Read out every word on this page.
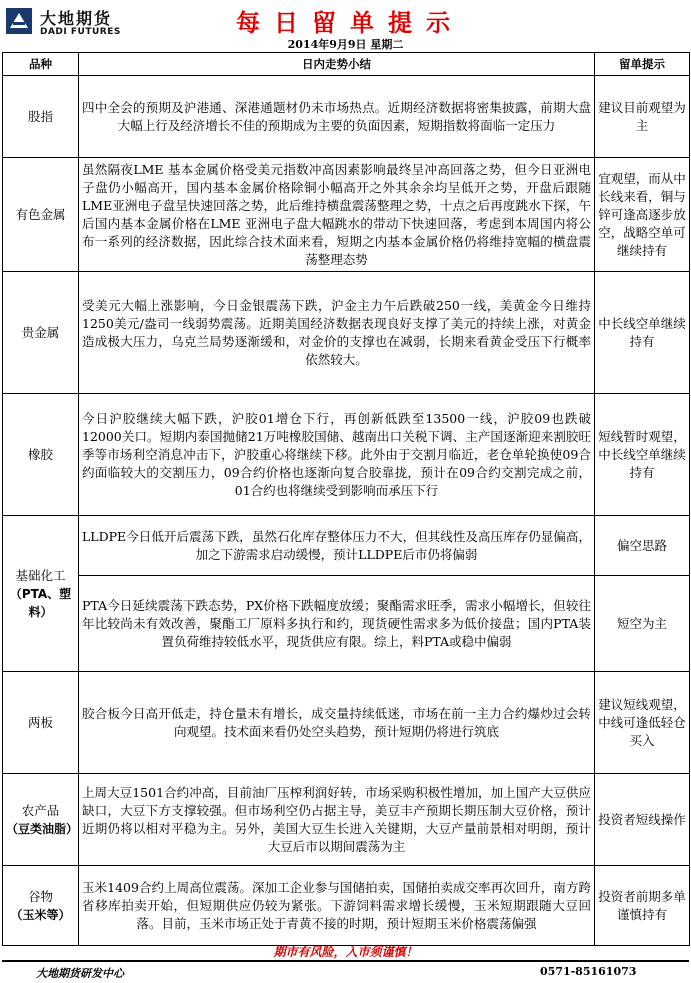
大地期货
DADI FUTURES	每日留单提示
2014年9月9日 星期二
品种	日内走势小结	留单提示

股指	四中全会的预期及沪港通、深港通题材仍未市场热点。近期经济数据将密集披露，前期大盘大幅上行及经济增长不佳的预期成为主要的负面因素，短期指数将面临一定压力	建议目前观望为主

有色金属	虽然隔夜LME 基本金属价格受美元指数冲高因素影响最终呈冲高回落之势，但今日亚洲电子盘仍小幅高开，国内基本金属价格除铜小幅高开之外其余余均呈低开之势，开盘后跟随LME亚洲电子盘呈快速回落之势，此后维持横盘震荡整理之势，十点之后再度跳水下探，午后国内基本金属价格在LME 亚洲电子盘大幅跳水的带动下快速回落，考虑到本周国内将公布一系列的经济数据，因此综合技术面来看，短期之内基本金属价格仍将维持宽幅的横盘震荡整理态势	宜观望，而从中长线来看，铜与锌可逢高逐步放空，战略空单可继续持有

贵金属	受美元大幅上涨影响，今日金银震荡下跌，沪金主力午后跌破250一线，美黄金今日维持1250美元/盎司一线弱势震荡。近期美国经济数据表现良好支撑了美元的持续上涨，对黄金造成极大压力，乌克兰局势逐渐缓和，对金价的支撑也在减弱，长期来看黄金受压下行概率依然较大。	中长线空单继续持有

橡胶	今日沪胶继续大幅下跌，沪胶01增仓下行，再创新低跌至13500一线，沪胶09也跌破12000关口。短期内泰国抛储21万吨橡胶国储、越南出口关税下调、主产国逐渐迎来割胶旺季等市场利空消息冲击下，沪胶重心将继续下移。此外由于交割月临近，老仓单轮换使09合约面临较大的交割压力，09合约价格也逐渐向复合胶靠拢，预计在09合约交割完成之前，01合约也将继续受到影响而承压下行	短线暂时观望，中长线空单继续持有

基础化工
（PTA、塑料）	LLDPE今日低开后震荡下跌，虽然石化库存整体压力不大，但其线性及高压库存仍显偏高，加之下游需求启动缓慢，预计LLDPE后市仍将偏弱	偏空思路
	PTA今日延续震荡下跌态势，PX价格下跌幅度放缓；聚酯需求旺季，需求小幅增长，但较往年比较尚未有效改善，聚酯工厂原料多执行和约，现货硬性需求多为低价接盘；国内PTA装置负荷维持较低水平，现货供应有限。综上，料PTA或稳中偏弱	短空为主

两板	胶合板今日高开低走，持仓量未有增长，成交量持续低迷，市场在前一主力合约爆炒过会转向观望。技术面来看仍处空头趋势，预计短期仍将进行筑底	建议短线观望，中线可逢低轻仓买入

农产品
（豆类油脂）	上周大豆1501合约冲高，目前油厂压榨利润好转，市场采购积极性增加，加上国产大豆供应缺口，大豆下方支撑较强。但市场利空仍占据主导，美豆丰产预期长期压制大豆价格，预计近期仍将以相对平稳为主。另外，美国大豆生长进入关键期，大豆产量前景相对明朗，预计大豆后市以期间震荡为主	投资者短线操作

谷物
（玉米等）	玉米1409合约上周高位震荡。深加工企业参与国储拍卖，国储拍卖成交率再次回升，南方跨省移库拍卖开始，但短期供应仍较为紧张。下游饲料需求增长缓慢，玉米短期跟随大豆回落。目前，玉米市场正处于青黄不接的时期，预计短期玉米价格震荡偏强	投资者前期多单谨慎持有
期市有风险，入市须谨慎！
大地期货研发中心	0571-85161073
